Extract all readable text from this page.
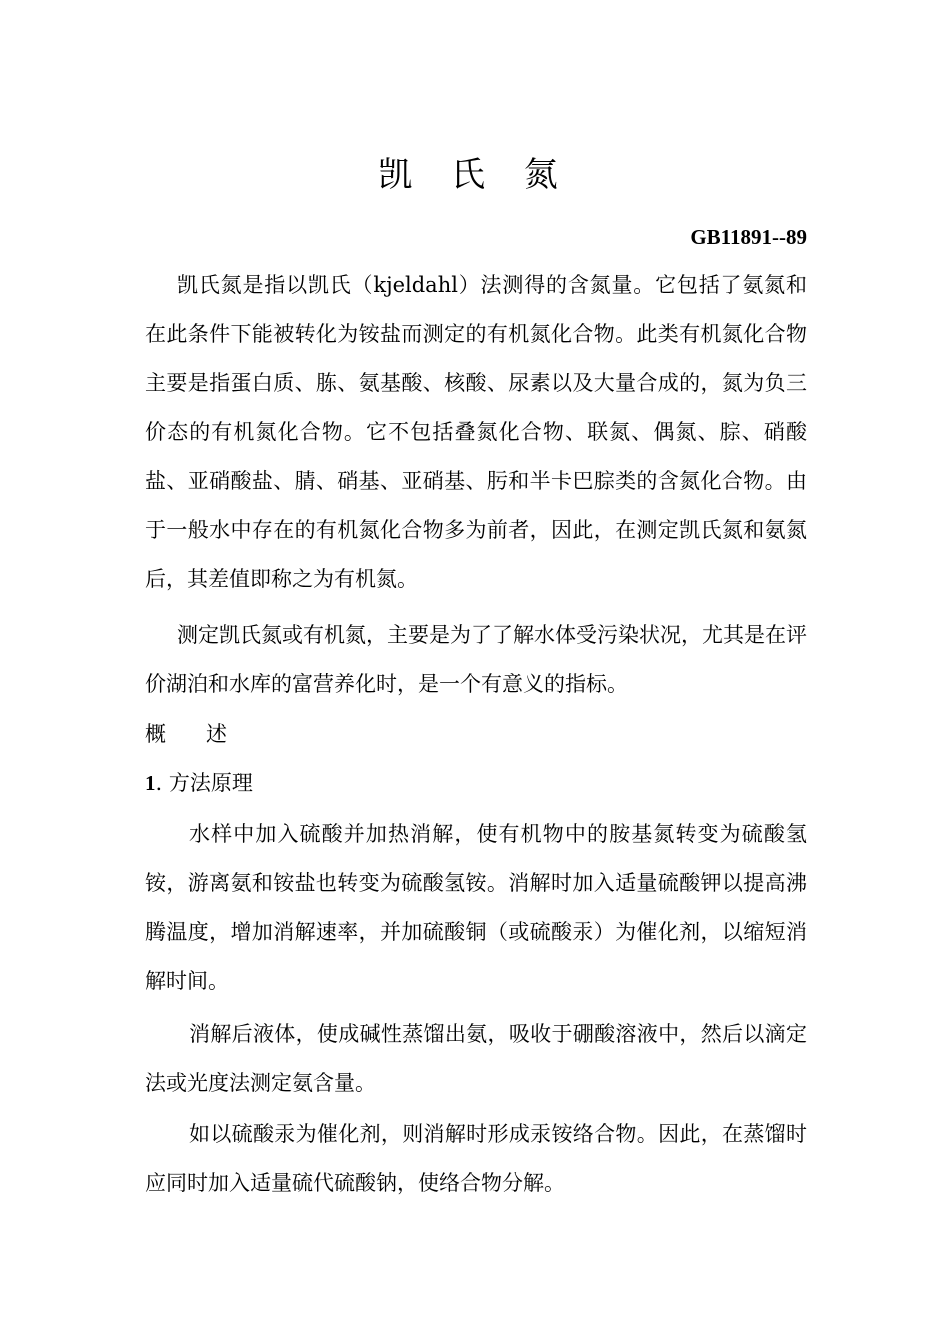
凯 氏 氮
GB11891--89
凯氏氮是指以凯氏（kjeldahl）法测得的含氮量。它包括了氨氮和在此条件下能被转化为铵盐而测定的有机氮化合物。此类有机氮化合物主要是指蛋白质、胨、氨基酸、核酸、尿素以及大量合成的，氮为负三价态的有机氮化合物。它不包括叠氮化合物、联氮、偶氮、腙、硝酸盐、亚硝酸盐、腈、硝基、亚硝基、肟和半卡巴腙类的含氮化合物。由于一般水中存在的有机氮化合物多为前者，因此，在测定凯氏氮和氨氮后，其差值即称之为有机氮。
测定凯氏氮或有机氮，主要是为了了解水体受污染状况，尤其是在评价湖泊和水库的富营养化时，是一个有意义的指标。
概 述
1. 方法原理
水样中加入硫酸并加热消解，使有机物中的胺基氮转变为硫酸氢铵，游离氨和铵盐也转变为硫酸氢铵。消解时加入适量硫酸钾以提高沸腾温度，增加消解速率，并加硫酸铜（或硫酸汞）为催化剂，以缩短消解时间。
消解后液体，使成碱性蒸馏出氨，吸收于硼酸溶液中，然后以滴定法或光度法测定氨含量。
如以硫酸汞为催化剂，则消解时形成汞铵络合物。因此，在蒸馏时应同时加入适量硫代硫酸钠，使络合物分解。
